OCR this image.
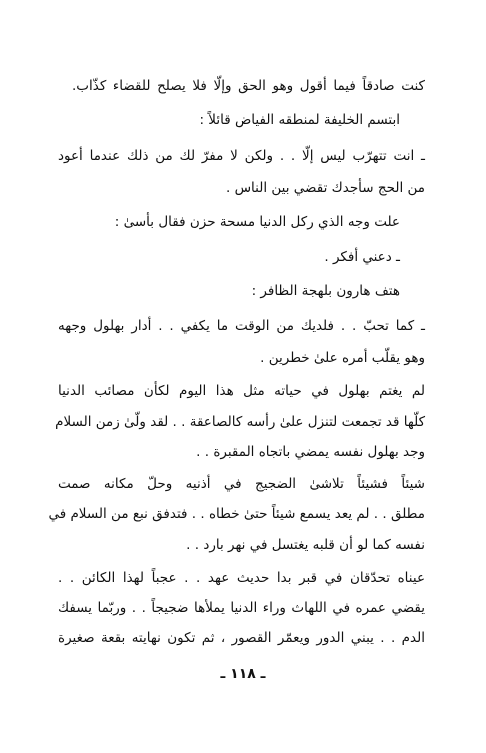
كنت صادقاً فيما أقول وهو الحق وإلّا فلا يصلح للقضاء كذّاب.
ابتسم الخليفة لمنطقه الفياض قائلاً :
ـ انت تتهرّب ليس إلّا . . ولكن لا مفرّ لك من ذلك عندما أعود
من الحج سأجدك تقضي بين الناس .
علت وجه الذي ركل الدنيا مسحة حزن فقال بأسىٰ :
ـ دعني أفكر .
هتف هارون بلهجة الظافر :
ـ كما تحبّ . . فلديك من الوقت ما يكفي . . أدار بهلول وجهه
وهو يقلّب أمره علىٰ خطرين .
لم يغتم بهلول في حياته مثل هذا اليوم لكأن مصائب الدنيا
كلّها قد تجمعت لتنزل علىٰ رأسه كالصاعقة . . لقد ولّىٰ زمن السلام
وجد بهلول نفسه يمضي باتجاه المقبرة . .
شيئاً فشيئاً تلاشىٰ الضجيج في أذنيه وحلّ مكانه صمت
مطلق . . لم يعد يسمع شيئاً حتىٰ خطاه . . فتدفق نبع من السلام في
نفسه كما لو أن قلبه يغتسل في نهر بارد . .
عيناه تحدّقان في قبر بدا حديث عهد . . عجباً لهذا الكائن . .
يقضي عمره في اللهاث وراء الدنيا يملأها ضجيجاً . . وربّما يسفك
الدم . . يبني الدور ويعمّر القصور ، ثم تكون نهايته بقعة صغيرة
ـ ١١٨ ـ
